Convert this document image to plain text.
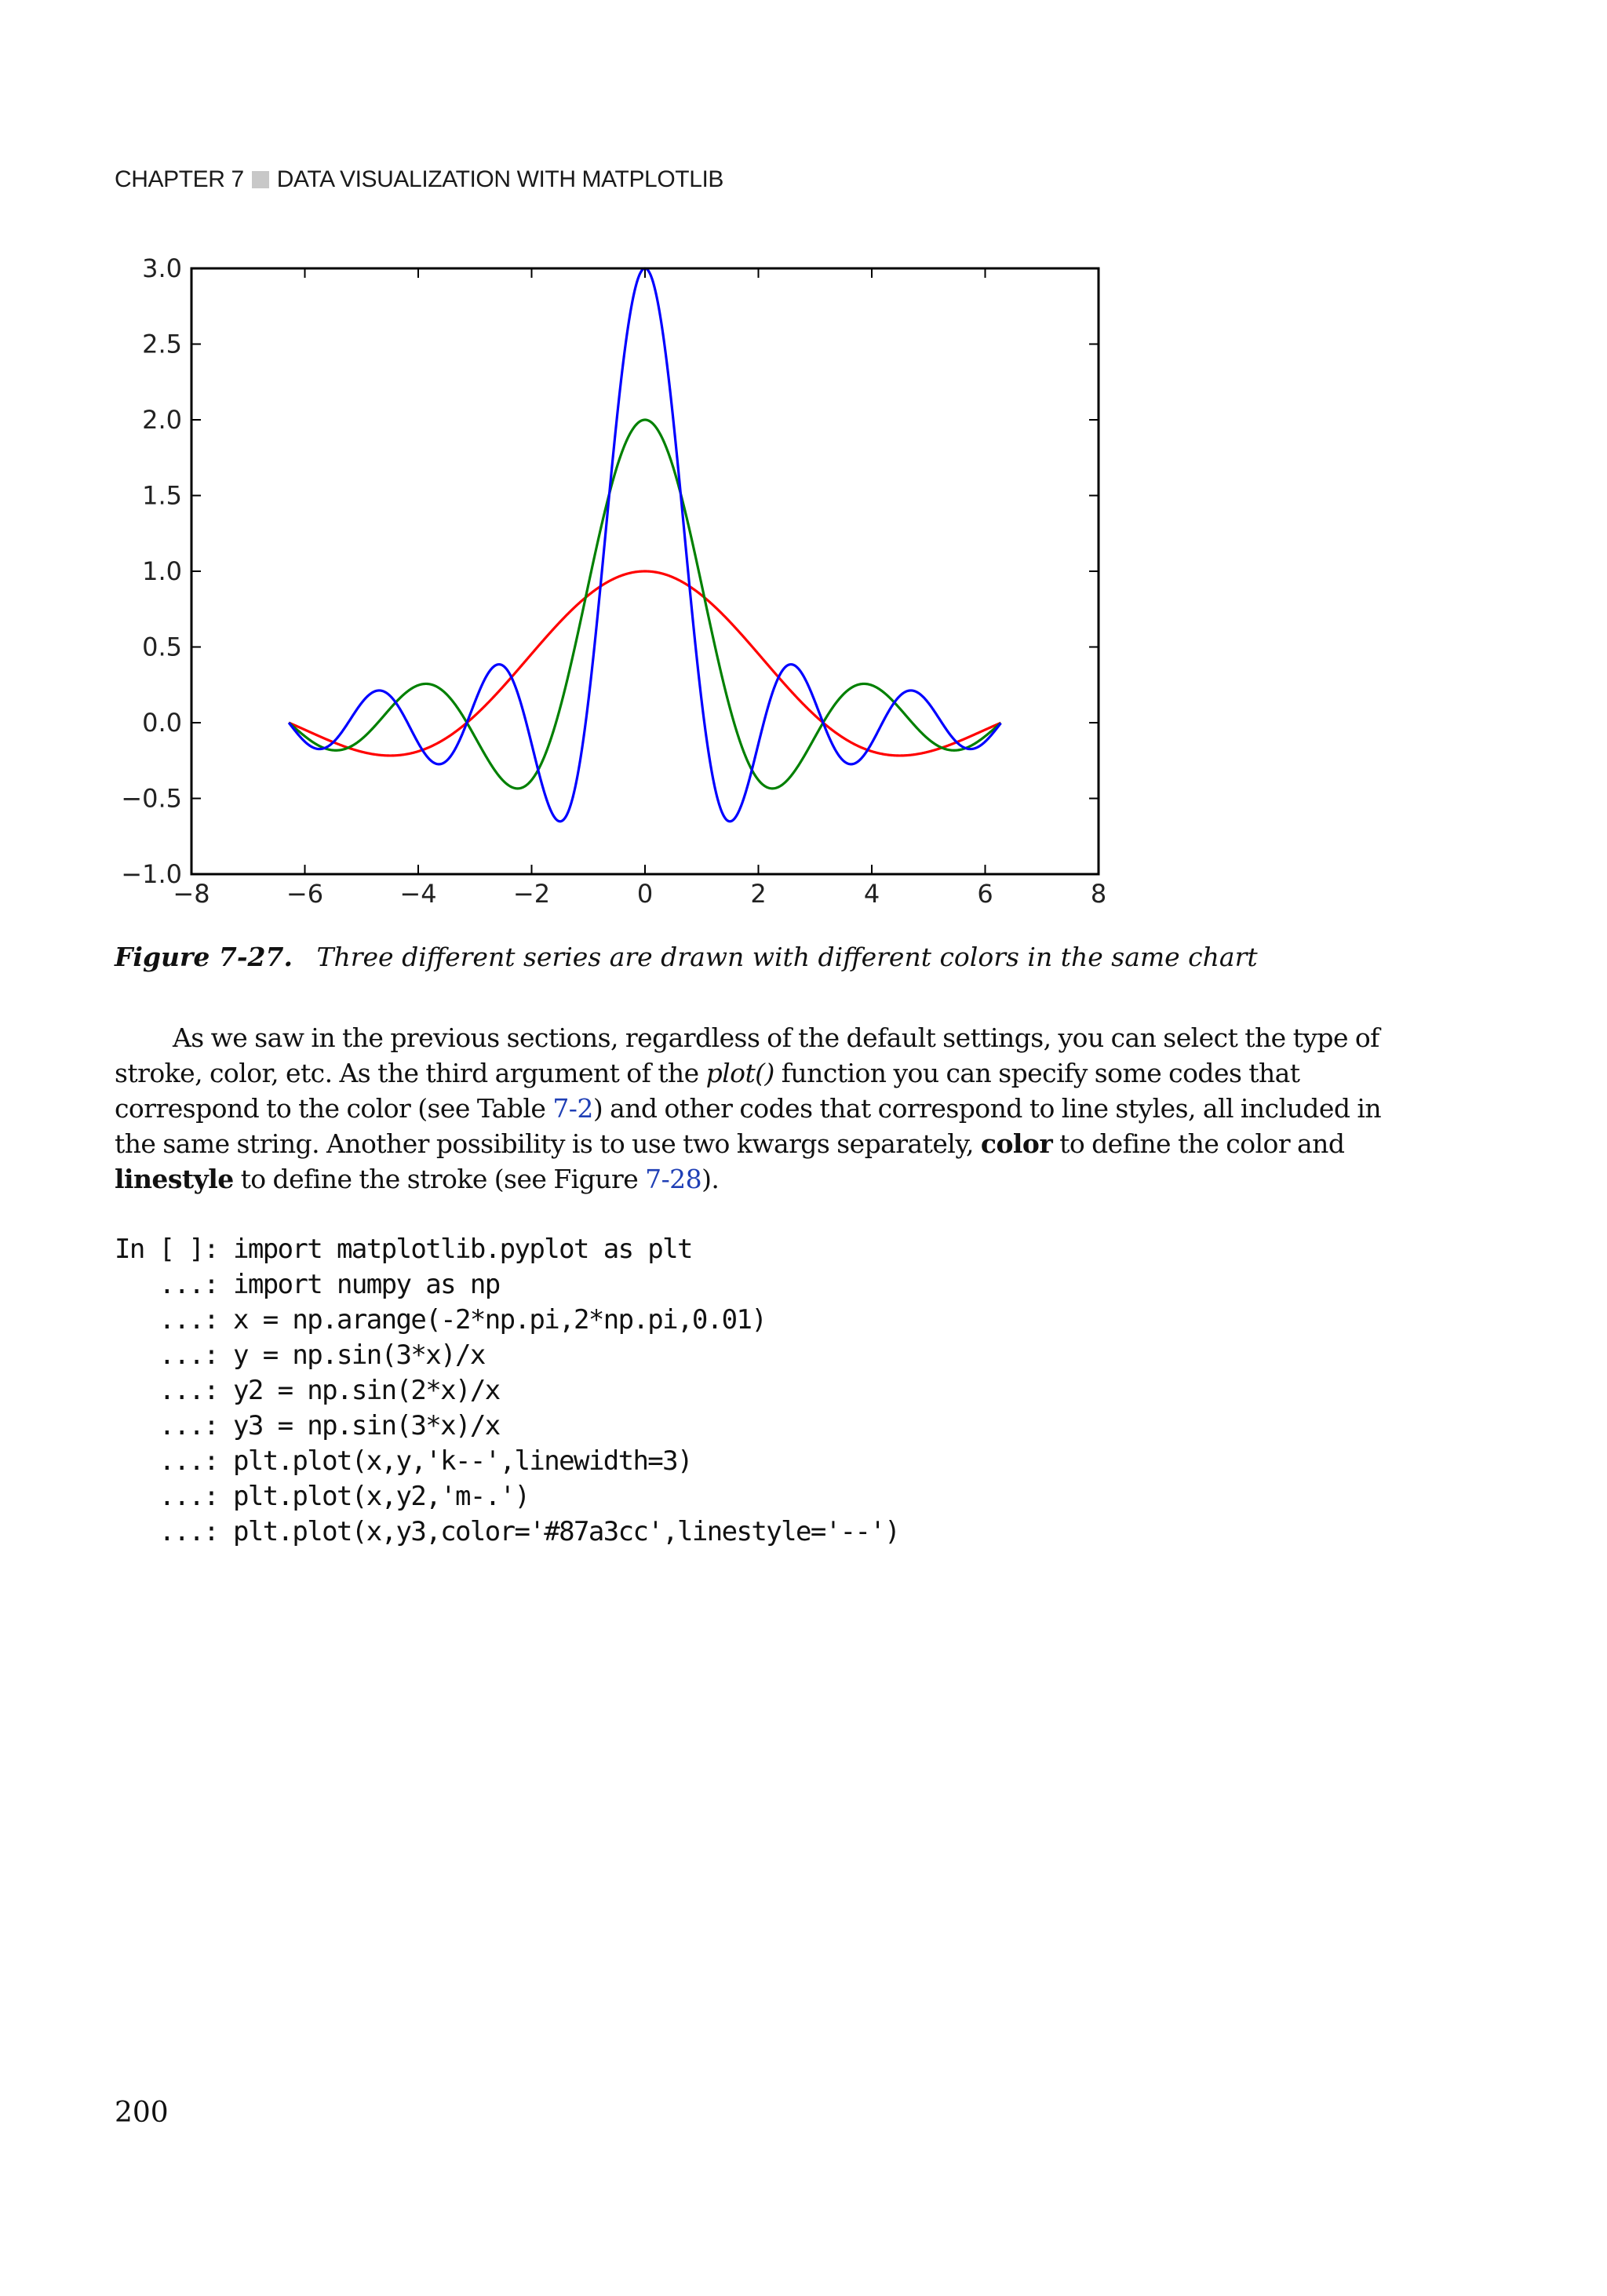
CHAPTER 7 DATA VISUALIZATION WITH MATPLOTLIB
−8	−6	−4	−2	0	2	4	6	8
−1.0
−0.5
0.0
0.5
1.0
1.5
2.0
2.5
3.0
Figure 7-27. Three different series are drawn with different colors in the same chart

As we saw in the previous sections, regardless of the default settings, you can select the type of stroke, color, etc. As the third argument of the plot() function you can specify some codes that correspond to the color (see Table 7-2) and other codes that correspond to line styles, all included in the same string. Another possibility is to use two kwargs separately, color to define the color and linestyle to define the stroke (see Figure 7-28).

In [ ]: import matplotlib.pyplot as plt
...: import numpy as np
...: x = np.arange(-2*np.pi,2*np.pi,0.01)
...: y = np.sin(3*x)/x
...: y2 = np.sin(2*x)/x
...: y3 = np.sin(3*x)/x
...: plt.plot(x,y,'k--',linewidth=3)
...: plt.plot(x,y2,'m-.')
...: plt.plot(x,y3,color='#87a3cc',linestyle='--')
200
